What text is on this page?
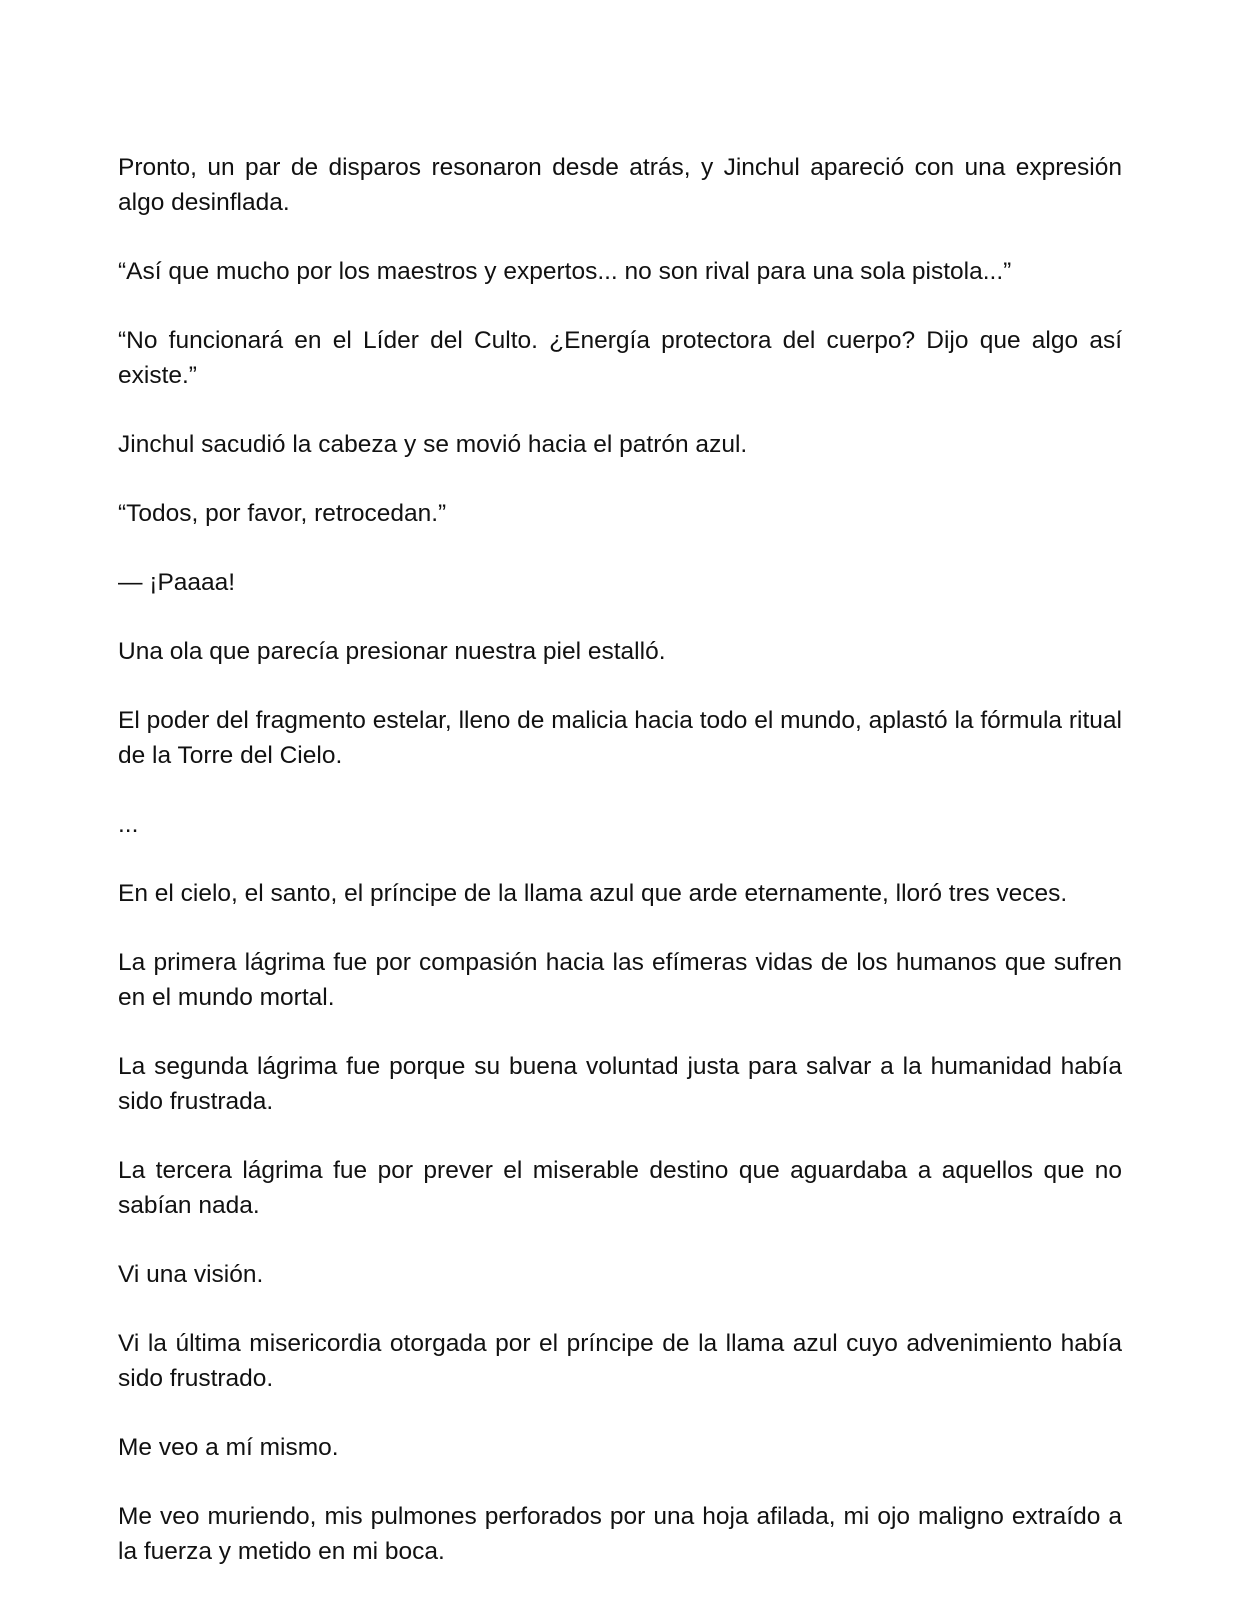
Pronto, un par de disparos resonaron desde atrás, y Jinchul apareció con una expresión algo desinflada.

“Así que mucho por los maestros y expertos... no son rival para una sola pistola...”

“No funcionará en el Líder del Culto. ¿Energía protectora del cuerpo? Dijo que algo así existe.”

Jinchul sacudió la cabeza y se movió hacia el patrón azul.

“Todos, por favor, retrocedan.”

— ¡Paaaa!

Una ola que parecía presionar nuestra piel estalló.

El poder del fragmento estelar, lleno de malicia hacia todo el mundo, aplastó la fórmula ritual de la Torre del Cielo.

...

En el cielo, el santo, el príncipe de la llama azul que arde eternamente, lloró tres veces.

La primera lágrima fue por compasión hacia las efímeras vidas de los humanos que sufren en el mundo mortal.

La segunda lágrima fue porque su buena voluntad justa para salvar a la humanidad había sido frustrada.

La tercera lágrima fue por prever el miserable destino que aguardaba a aquellos que no sabían nada.

Vi una visión.

Vi la última misericordia otorgada por el príncipe de la llama azul cuyo advenimiento había sido frustrado.

Me veo a mí mismo.

Me veo muriendo, mis pulmones perforados por una hoja afilada, mi ojo maligno extraído a la fuerza y metido en mi boca.
